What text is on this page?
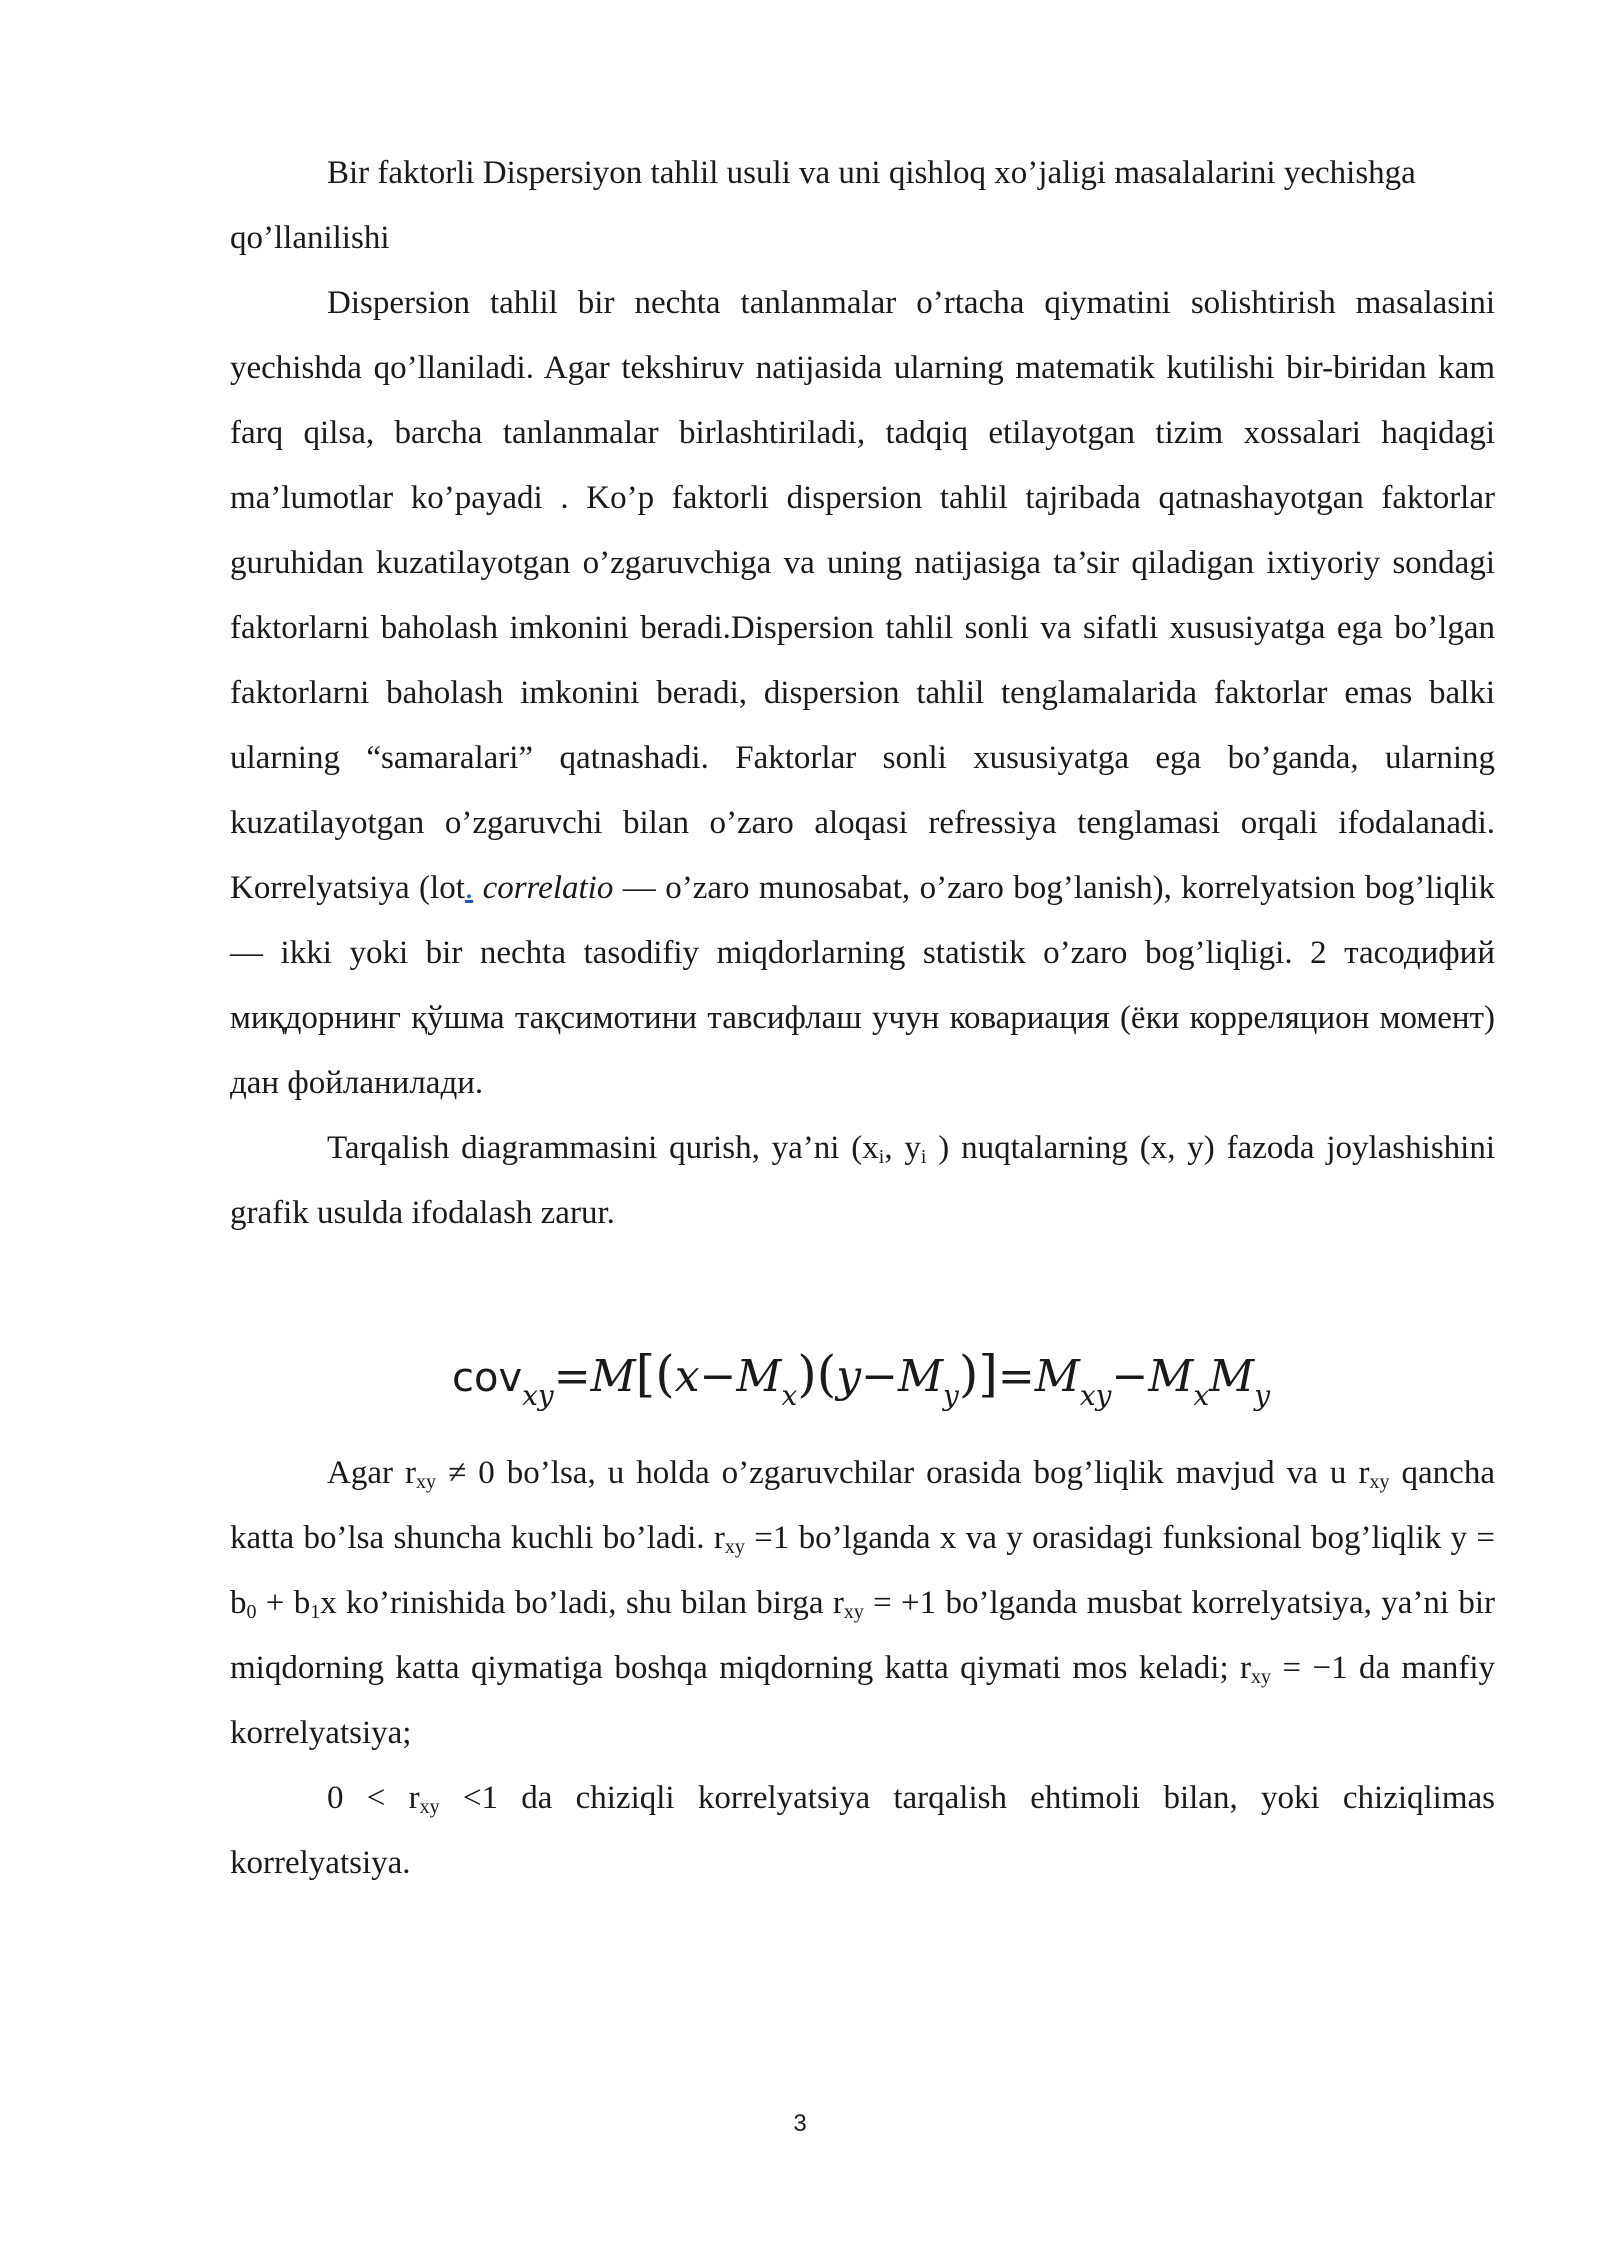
Bir faktorli Dispersiyon tahlil usuli va uni qishloq xo’jaligi masalalarini yechishga qo’llanilishi

Dispersion tahlil bir nechta tanlanmalar o’rtacha qiymatini solishtirish masalasini yechishda qo’llaniladi. Agar tekshiruv natijasida ularning matematik kutilishi bir-biridan kam farq qilsa, barcha tanlanmalar birlashtiriladi, tadqiq etilayotgan tizim xossalari haqidagi ma’lumotlar ko’payadi . Ko’p faktorli dispersion tahlil tajribada qatnashayotgan faktorlar guruhidan kuzatilayotgan o’zgaruvchiga va uning natijasiga ta’sir qiladigan ixtiyoriy sondagi faktorlarni baholash imkonini beradi.Dispersion tahlil sonli va sifatli xususiyatga ega bo’lgan faktorlarni baholash imkonini beradi, dispersion tahlil tenglamalarida faktorlar emas balki ularning “samaralari” qatnashadi. Faktorlar sonli xususiyatga ega bo’ganda, ularning kuzatilayotgan o’zgaruvchi bilan o’zaro aloqasi refressiya tenglamasi orqali ifodalanadi. Korrelyatsiya (lot. correlatio — o’zaro munosabat, o’zaro bog’lanish), korrelyatsion bog’liqlik — ikki yoki bir nechta tasodifiy miqdorlarning statistik o’zaro bog’liqligi. 2 тасодифий миқдорнинг қўшма тақсимотини тавсифлаш учун ковариация (ёки корреляцион момент) дан фойланилади.

Tarqalish diagrammasini qurish, ya’ni ($x_i$, $y_i$ ) nuqtalarning (x, y) fazoda joylashishini grafik usulda ifodalash zarur.

$cov_{xy}=M[(x-M_x)(y-M_y)]=M_{xy}-M_xM_y$

Agar $r_{xy} \ne 0$ bo’lsa, u holda o’zgaruvchilar orasida bog’liqlik mavjud va u $r_{xy}$ qancha katta bo’lsa shuncha kuchli bo’ladi. $r_{xy} =1$ bo’lganda x va y orasidagi funksional bog’liqlik $y = b_0 + b_1x$ ko’rinishida bo’ladi, shu bilan birga $r_{xy} = +1$ bo’lganda musbat korrelyatsiya, ya’ni bir miqdorning katta qiymatiga boshqa miqdorning katta qiymati mos keladi; $r_{xy} = -1$ da manfiy korrelyatsiya;

$0 < r_{xy} <1$ da chiziqli korrelyatsiya tarqalish ehtimoli bilan, yoki chiziqlimas korrelyatsiya.

3
